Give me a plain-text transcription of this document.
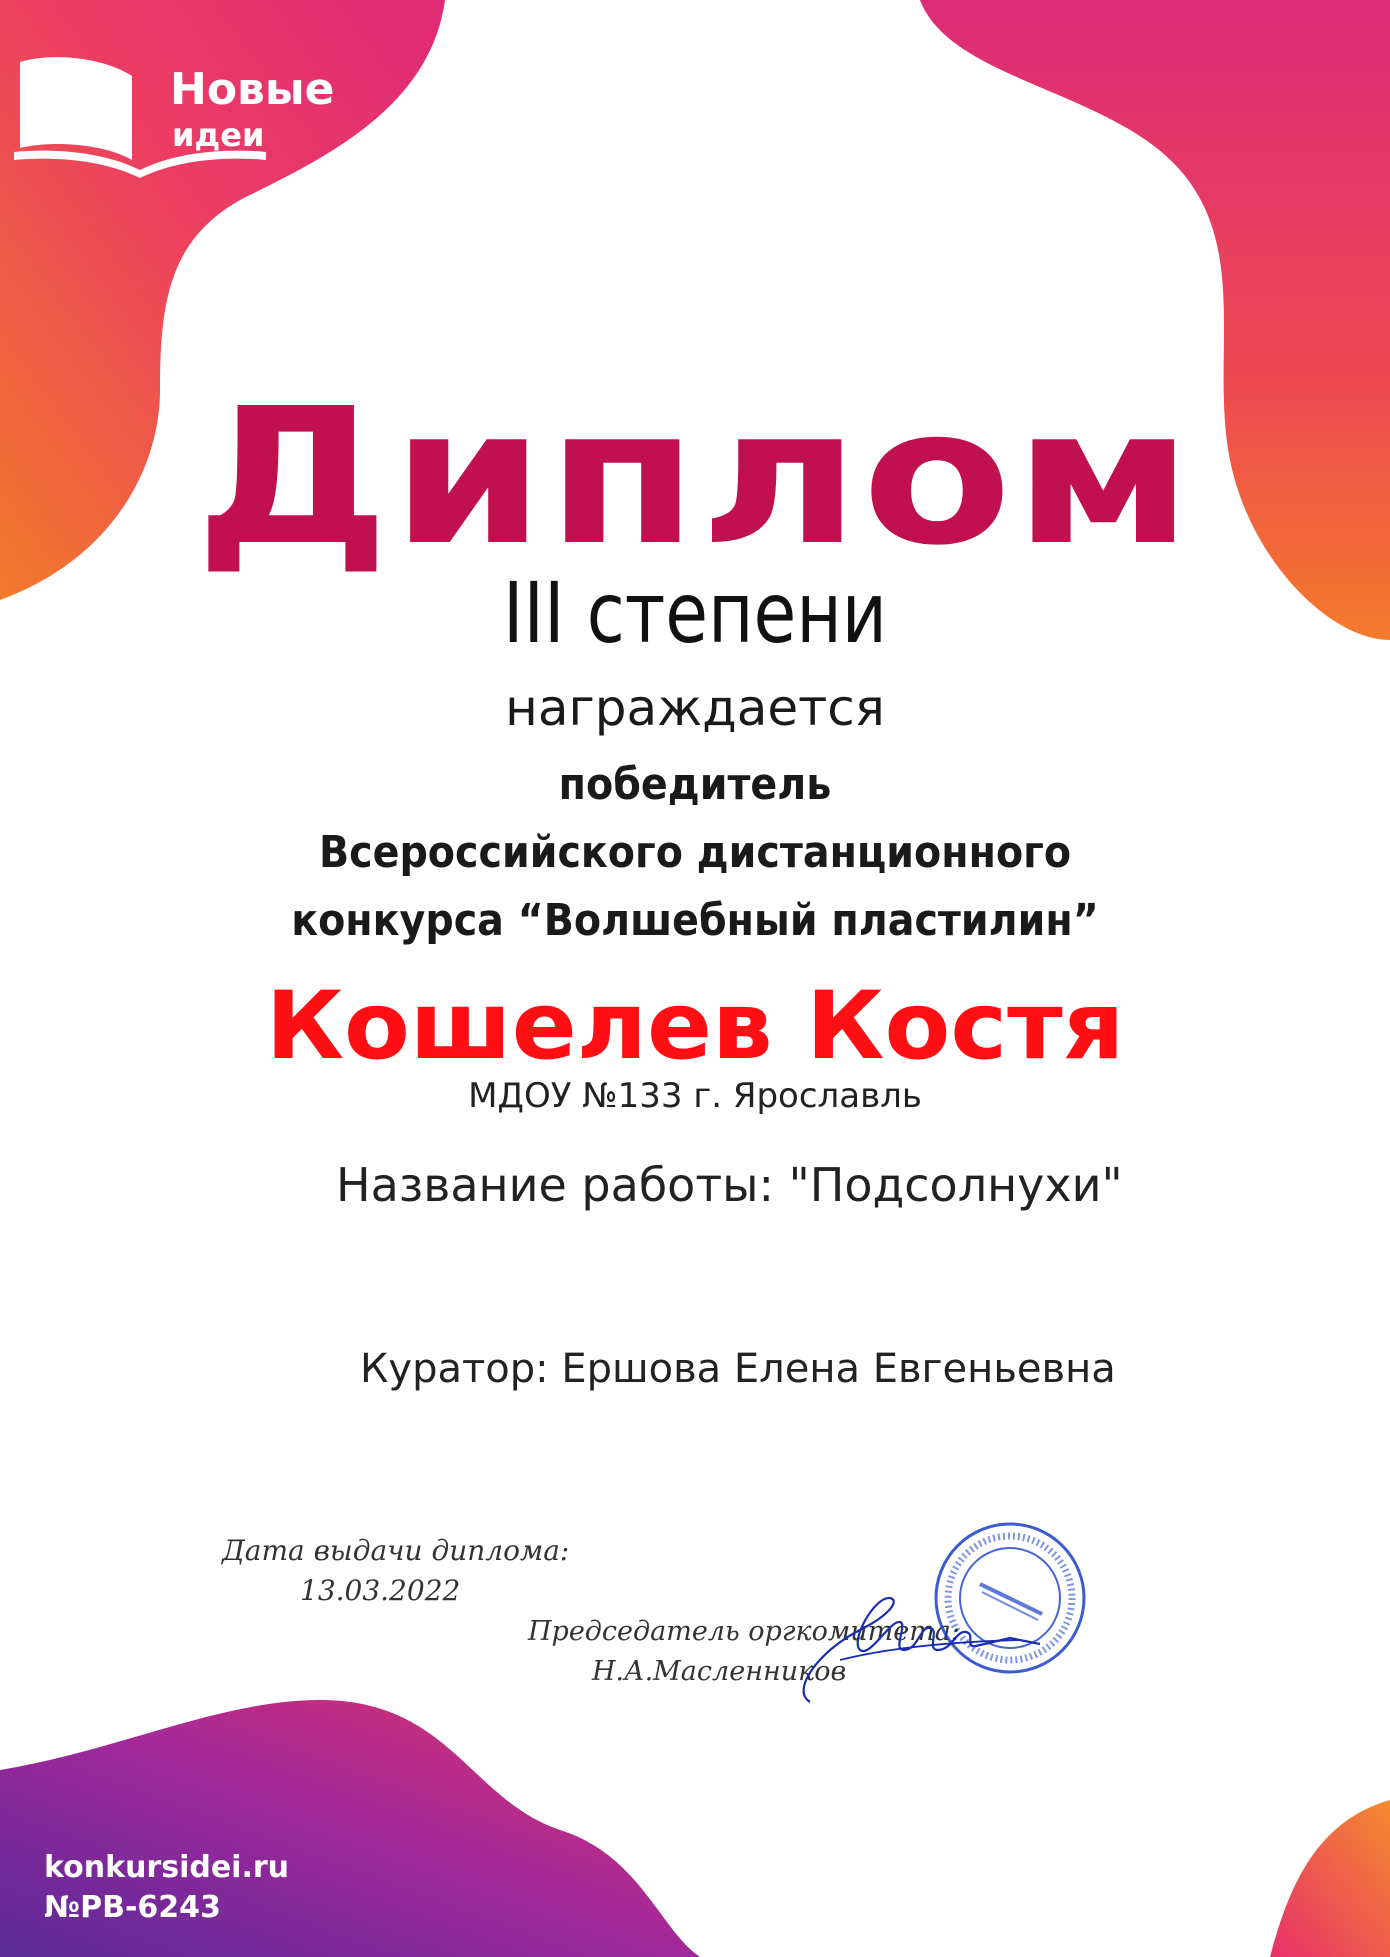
Новые
идеи
Диплом
III степени
награждается
победитель
Всероссийского дистанционного
конкурса “Волшебный пластилин”
Кошелев Костя
МДОУ №133 г. Ярославль
Название работы: "Подсолнухи"
Куратор: Ершова Елена Евгеньевна
Дата выдачи диплома:
13.03.2022
Председатель оргкомитета:
Н.А.Масленников
konkursidei.ru
№РВ-6243
